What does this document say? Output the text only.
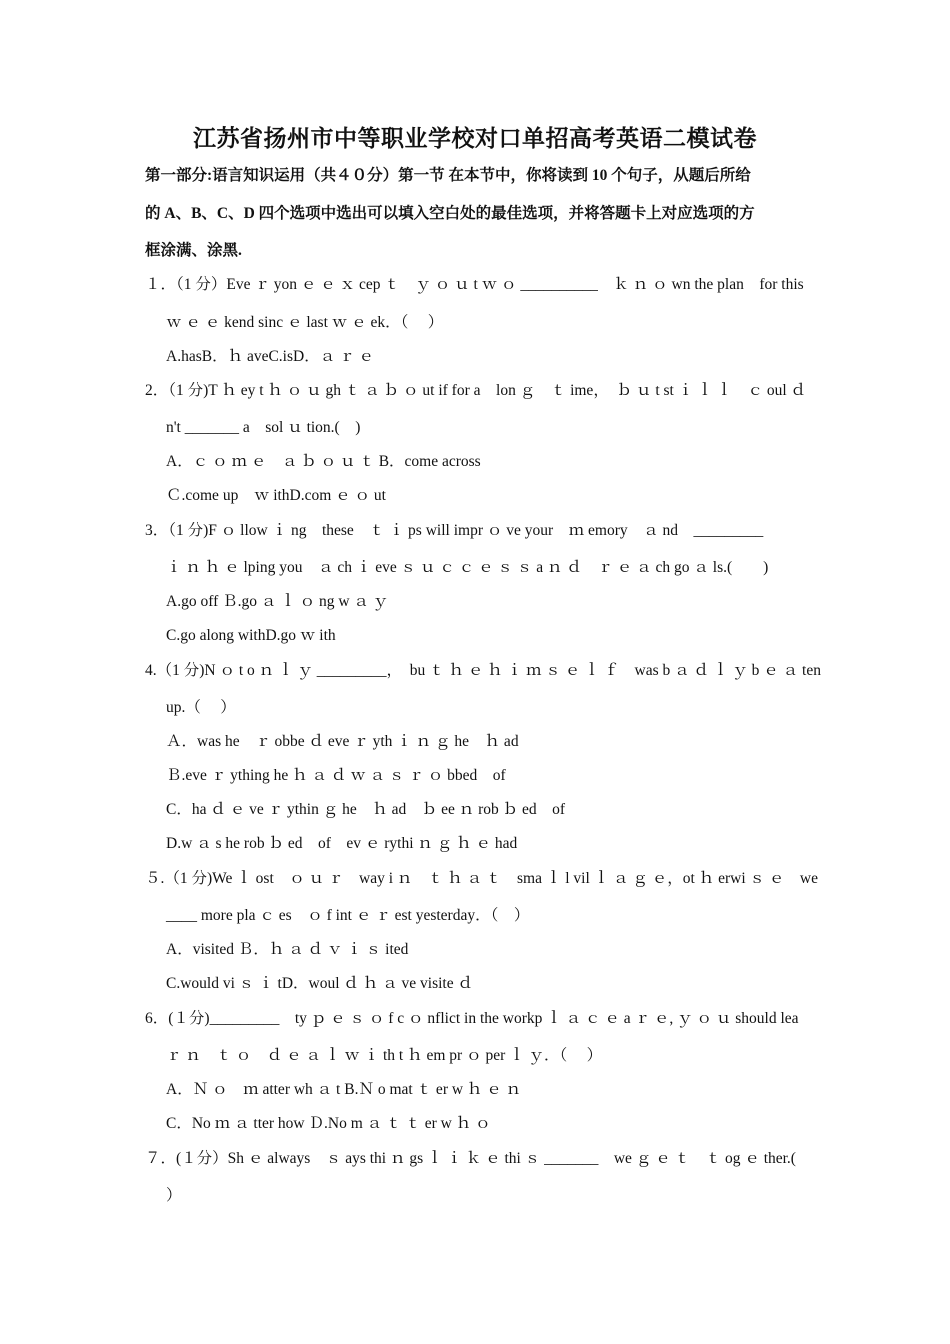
江苏省扬州市中等职业学校对口单招高考英语二模试卷
第一部分:语言知识运用（共４０分）第一节 在本节中，你将读到 10 个句子，从题后所给
的 A、B、C、D 四个选项中选出可以填入空白处的最佳选项，并将答题卡上对应选项的方
框涂满、涂黑.
１．（1 分）Eve ｒ yon ｅ ｅ ｘ cep ｔ　ｙ ｏ ｕ t ｗ ｏ __________　ｋ ｎ ｏ wn the plan　for this
ｗ ｅ ｅ kend sinc ｅ last ｗ ｅ ek．（　 ）
A.hasB．ｈ aveC.isD．ａ ｒ ｅ
2．（1 分)T ｈ ey t ｈ ｏ ｕ gh ｔ ａ ｂ ｏ ut if for a　lon ｇ　ｔ ime，　ｂ ｕ t st ｉ ｌ ｌ　ｃ oul ｄ
n't _______ a　sol ｕ tion.(　)
A．ｃ ｏ ｍ ｅ　ａ ｂ ｏ ｕ ｔ B．come across
Ｃ.come up　ｗ ithD.com ｅ ｏ ut
3．（1 分)F ｏ llow ｉ ng　these　ｔ ｉ ps will impr ｏ ve your　ｍ emory　ａ nd　_________
ｉ ｎ ｈ ｅ lping you　ａ ch ｉ eve ｓ ｕ ｃ ｃ ｅ ｓ ｓ a ｎ ｄ　ｒ ｅ ａ ch go ａ ls.(　　)
A.go off Ｂ.go ａ ｌ ｏ ng w ａ ｙ
C.go along withD.go ｗ ith
4.（1 分)N ｏ t o ｎ ｌ ｙ _________，　bu ｔ ｈ ｅ ｈ ｉ ｍ ｓ ｅ ｌ ｆ　was b ａ ｄ ｌ ｙ b ｅ ａ ten
up.（　 ）
Ａ．was he　ｒ obbe ｄ eve ｒ yth ｉ ｎ ｇ he　ｈ ad
Ｂ.eve ｒ ything he ｈ ａ ｄ ｗ ａ ｓ ｒ ｏ bbed　of
C．ha ｄ ｅ ve ｒ ythin ｇ he　ｈ ad　ｂ ee ｎ rob ｂ ed　of
D.w ａ s he rob ｂ ed　of　ev ｅ rythi ｎ ｇ ｈ ｅ had
５.（1 分)We ｌ ost　ｏ ｕ ｒ　way i ｎ　ｔ ｈ ａ ｔ　sma ｌ l vil ｌ ａ ｇ ｅ，ot ｈ erwi ｓ ｅ　we
____ more pla ｃ es　ｏ f int ｅ ｒ est yesterday．（　）
A．visited Ｂ．ｈ ａ ｄ ｖ ｉ ｓ ited
C.would vi ｓ ｉ tD．woul ｄ ｈ ａ ve visite ｄ
6．(１分)_________　ty ｐ ｅ ｓ ｏ f c ｏ nflict in the workp ｌ ａ ｃ ｅ a ｒ ｅ, ｙ ｏ ｕ should lea
ｒ ｎ　ｔ ｏ　ｄ ｅ ａ ｌ ｗ ｉ th t ｈ em pr ｏ per ｌ ｙ．（　 ）
A．Ｎ ｏ　ｍ atter wh ａ t B.Ｎ o mat ｔ er w ｈ ｅ ｎ
C．No ｍ ａ tter how Ｄ.No m ａ ｔ ｔ er w ｈ ｏ
７．(１分）Sh ｅ always　ｓ ays thi ｎ gs ｌ ｉ ｋ ｅ thi ｓ _______　we ｇ ｅ ｔ　ｔ og ｅ ther.(
）
